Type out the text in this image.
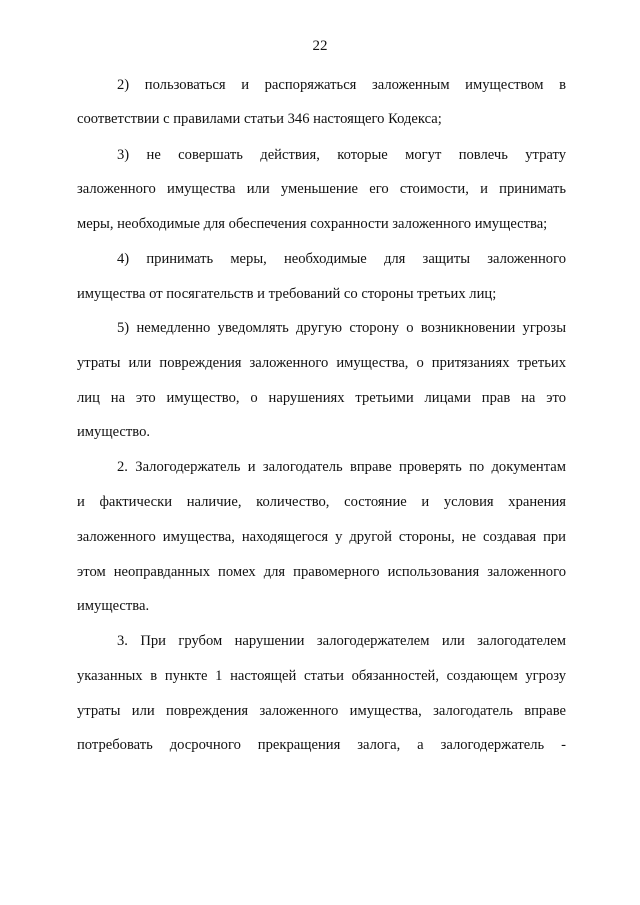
22
2) пользоваться и распоряжаться заложенным имуществом в
соответствии с правилами статьи 346 настоящего Кодекса;
3) не совершать действия, которые могут повлечь утрату
заложенного имущества или уменьшение его стоимости, и принимать
меры, необходимые для обеспечения сохранности заложенного имущества;
4) принимать меры, необходимые для защиты заложенного
имущества от посягательств и требований со стороны третьих лиц;
5) немедленно уведомлять другую сторону о возникновении угрозы
утраты или повреждения заложенного имущества, о притязаниях третьих
лиц на это имущество, о нарушениях третьими лицами прав на это
имущество.
2. Залогодержатель и залогодатель вправе проверять по документам
и фактически наличие, количество, состояние и условия хранения
заложенного имущества, находящегося у другой стороны, не создавая при
этом неоправданных помех для правомерного использования заложенного
имущества.
3. При грубом нарушении залогодержателем или залогодателем
указанных в пункте 1 настоящей статьи обязанностей, создающем угрозу
утраты или повреждения заложенного имущества, залогодатель вправе
потребовать досрочного прекращения залога, а залогодержатель -
